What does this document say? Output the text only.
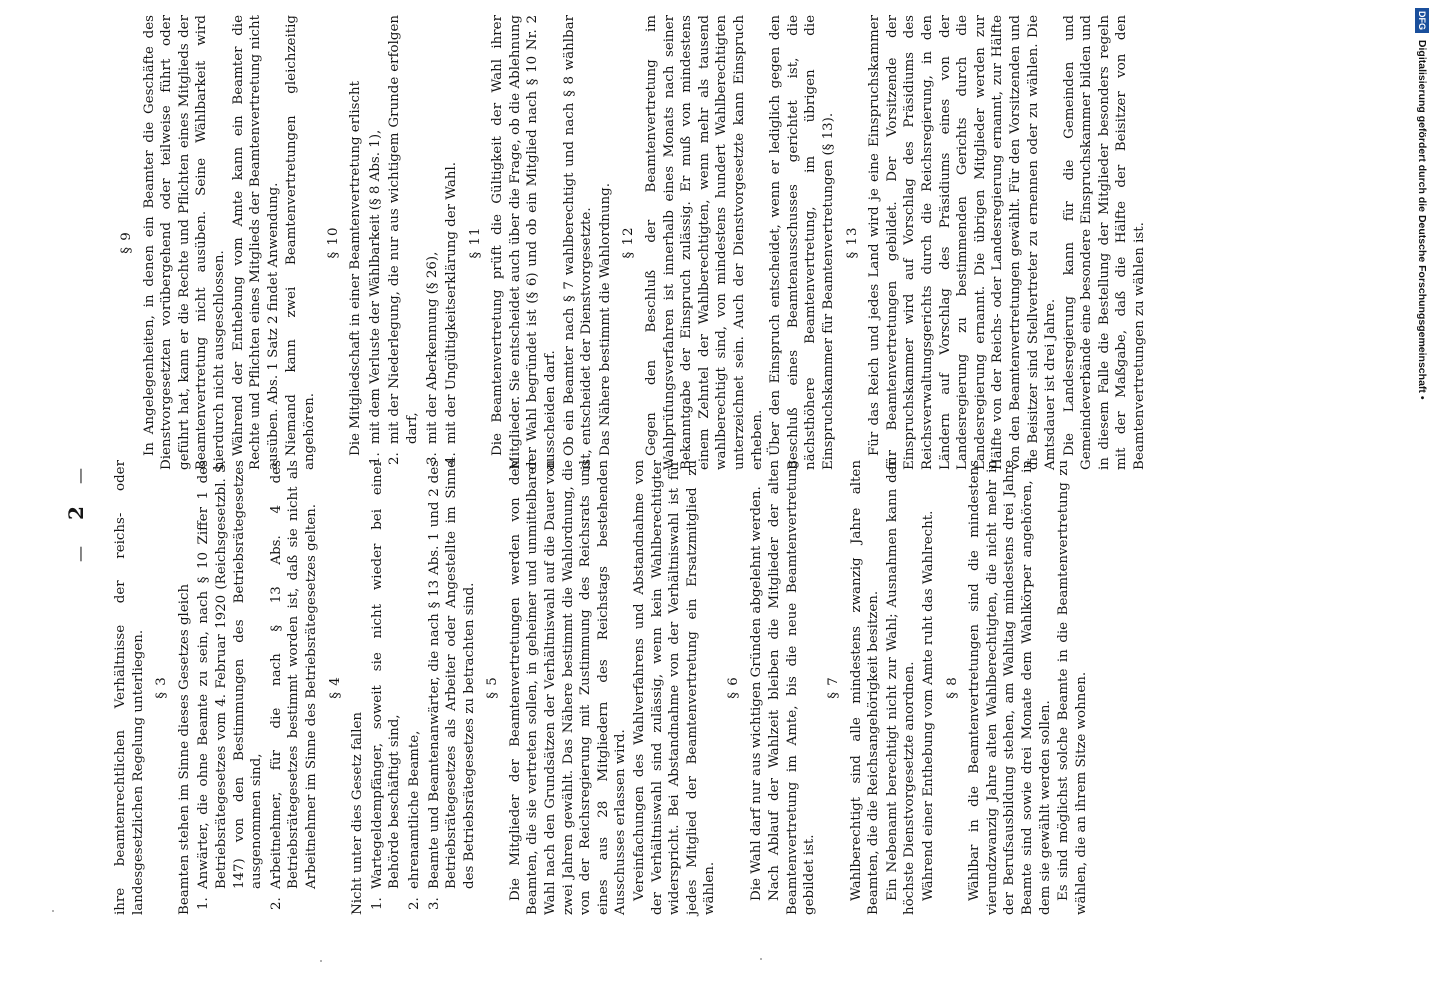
—
2
— ihre beamtenrechtlichen Verhältnisse der reichs- oder landesgesetzlichen Regelung unterliegen. § 3 Beamten stehen im Sinne dieses Gesetzes gleich 1. Anwärter, die ohne Beamte zu sein, nach § 10 Ziffer 1 des Betriebsrätegesetzes vom 4. Februar 1920 (Reichsgesetzbl. S. 147) von den Bestimmungen des Betriebsrätegesetzes ausgenommen sind, 2. Arbeitnehmer, für die nach § 13 Abs. 4 des Betriebsrätegesetzes bestimmt worden ist, daß sie nicht als Arbeitnehmer im Sinne des Betriebsrätegesetzes gelten. § 4

Nicht unter dies Gesetz fallen 1. Wartegeldempfänger, soweit sie nicht wieder bei einer Behörde beschäftigt sind, 2. ehrenamtliche Beamte, 3. Beamte und Beamtenanwärter, die nach § 13 Abs. 1 und 2 des Betriebsrätegesetzes als Arbeiter oder Angestellte im Sinne des Betriebsrätegesetzes zu betrachten sind. § 5 Die Mitglieder der Beamtenvertretungen werden von den Beamten, die sie vertreten sollen, in geheimer und unmittelbarer Wahl nach den Grundsätzen der Verhältniswahl auf die Dauer von zwei Jahren gewählt. Das Nähere bestimmt die Wahlordnung, die von der Reichsregierung mit Zustimmung des Reichsrats und eines aus 28 Mitgliedern des Reichstags bestehenden Ausschusses erlassen wird. Vereinfachungen des Wahlverfahrens und Abstandnahme von der Verhältniswahl sind zulässig, wenn kein Wahlberechtigter widerspricht. Bei Abstandnahme von der Verhältniswahl ist für jedes Mitglied der Beamtenvertretung ein Ersatzmitglied zu wählen.

§ 6 Die Wahl darf nur aus wichtigen Gründen abgelehnt werden. Nach Ablauf der Wahlzeit bleiben die Mitglieder der alten Beamtenvertretung im Amte, bis die neue Beamtenvertretung gebildet ist.

§ 7 Wahlberechtigt sind alle mindestens zwanzig Jahre alten Beamten, die die Reichsangehörigkeit besitzen. Ein Nebenamt berechtigt nicht zur Wahl; Ausnahmen kann der höchste Dienstvorgesetzte anordnen. Während einer Enthebung vom Amte ruht das Wahlrecht. § 8 Wählbar in die Beamtenvertretungen sind die mindestens vierundzwanzig Jahre alten Wahlberechtigten, die nicht mehr in der Berufsausbildung stehen, am Wahltag mindestens drei Jahre Beamte sind sowie drei Monate dem Wahlkörper angehören, in dem sie gewählt werden sollen. Es sind möglichst solche Beamte in die Beamtenvertretung zu wählen, die an ihrem Sitze wohnen.

§ 9 In Angelegenheiten, in denen ein Beamter die Geschäfte des Dienstvorgesetzten vorübergehend oder teilweise führt oder geführt hat, kann er die Rechte und Pflichten eines Mitglieds der Beamtenvertretung nicht ausüben. Seine Wählbarkeit wird hierdurch nicht ausgeschlossen. Während der Enthebung vom Amte kann ein Beamter die Rechte und Pflichten eines Mitglieds der Beamtenvertretung nicht ausüben. Abs. 1 Satz 2 findet Anwendung. Niemand kann zwei Beamtenvertretungen gleichzeitig angehören.

§ 10 Die Mitgliedschaft in einer Beamtenvertretung erlischt 1. mit dem Verluste der Wählbarkeit (§ 8 Abs. 1), 2. mit der Niederlegung, die nur aus wichtigem Grunde erfolgen darf, 3. mit der Aberkennung (§ 26), 4. mit der Ungültigkeitserklärung der Wahl. § 11 Die Beamtenvertretung prüft die Gültigkeit der Wahl ihrer Mitglieder. Sie entscheidet auch über die Frage, ob die Ablehnung der Wahl begründet ist (§ 6) und ob ein Mitglied nach § 10 Nr. 2 ausscheiden darf. Ob ein Beamter nach § 7 wahlberechtigt und nach § 8 wählbar ist, entscheidet der Dienstvorgesetzte. Das Nähere bestimmt die Wahlordnung. § 12 Gegen den Beschluß der Beamtenvertretung im Wahlprüfungsverfahren ist innerhalb eines Monats nach seiner Bekanntgabe der Einspruch zulässig. Er muß von mindestens einem Zehntel der Wahlberechtigten, wenn mehr als tausend wahlberechtigt sind, von mindestens hundert Wahlberechtigten unterzeichnet sein. Auch der Dienstvorgesetzte kann Einspruch erheben. Über den Einspruch entscheidet, wenn er lediglich gegen den Beschluß eines Beamtenausschusses gerichtet ist, die nächsthöhere Beamtenvertretung, im übrigen die Einspruchskammer für Beamtenvertretungen (§ 13). § 13 Für das Reich und jedes Land wird je eine Einspruchskammer für Beamtenvertretungen gebildet. Der Vorsitzende der Einspruchskammer wird auf Vorschlag des Präsidiums des Reichsverwaltungsgerichts durch die Reichsregierung, in den Ländern auf Vorschlag des Präsidiums eines von der Landesregierung zu bestimmenden Gerichts durch die Landesregierung ernannt. Die übrigen Mitglieder werden zur Hälfte von der Reichs- oder Landesregierung ernannt, zur Hälfte von den Beamtenvertretungen gewählt. Für den Vorsitzenden und die Beisitzer sind Stellvertreter zu ernennen oder zu wählen. Die Amtsdauer ist drei Jahre. Die Landesregierung kann für die Gemeinden und Gemeindeverbände eine besondere Einspruchskammer bilden und in diesem Falle die Bestellung der Mitglieder besonders regeln mit der Maßgabe, daß die Hälfte der Beisitzer von den Beamtenvertretungen zu wählen ist.

DFG Digitalisierung gefördert durch die Deutsche Forschungsgemeinschaft •
